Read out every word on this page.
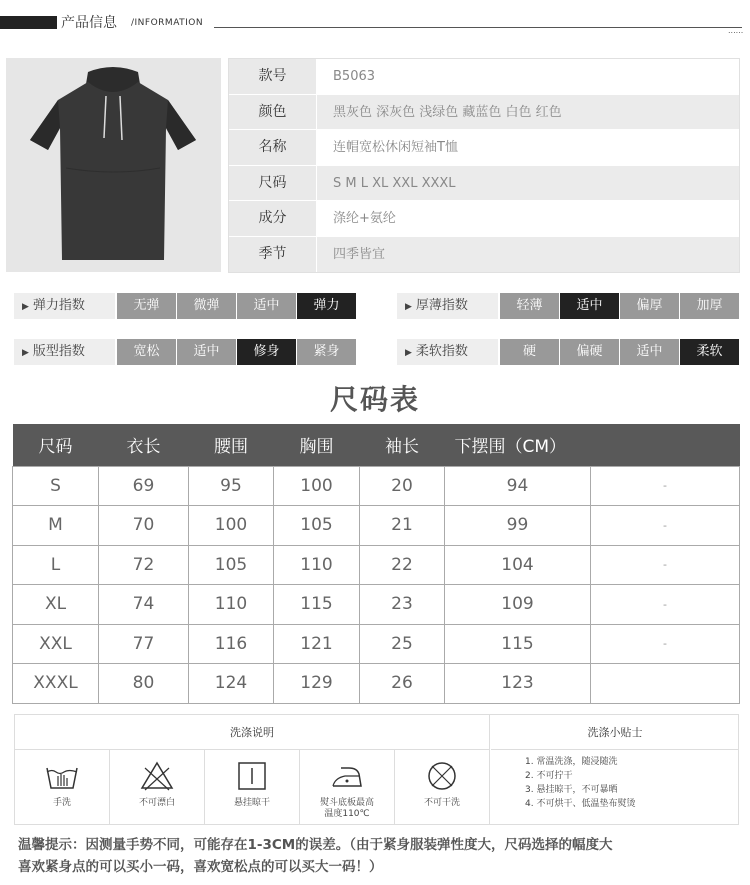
产品信息 /INFORMATION
......
款号	B5063
颜色	黑灰色 深灰色 浅绿色 藏蓝色 白色 红色
名称	连帽宽松休闲短袖T恤
尺码	S M L XL XXL XXXL
成分	涤纶+氨纶
季节	四季皆宜
▶ 弹力指数	无弹	微弹	适中	弹力	▶ 厚薄指数	轻薄	适中	偏厚	加厚
▶ 版型指数	宽松	适中	修身	紧身	▶ 柔软指数	硬	偏硬	适中	柔软
尺码表
尺码	衣长	腰围	胸围	袖长	下摆围（CM）	
S	69	95	100	20	94	-
M	70	100	105	21	99	-
L	72	105	110	22	104	-
XL	74	110	115	23	109	-
XXL	77	116	121	25	115	-
XXXL	80	124	129	26	123	
洗涤说明	洗涤小贴士
手洗	不可漂白	悬挂晾干	熨斗底板最高
温度110℃
不可干洗
1. 常温洗涤，随浸随洗
2. 不可拧干
3. 悬挂晾干，不可暴晒
4. 不可烘干、低温垫布熨烫
温馨提示：因测量手势不同，可能存在1-3CM的误差。（由于紧身服装弹性度大，尺码选择的幅度大
喜欢紧身点的可以买小一码，喜欢宽松点的可以买大一码！）
